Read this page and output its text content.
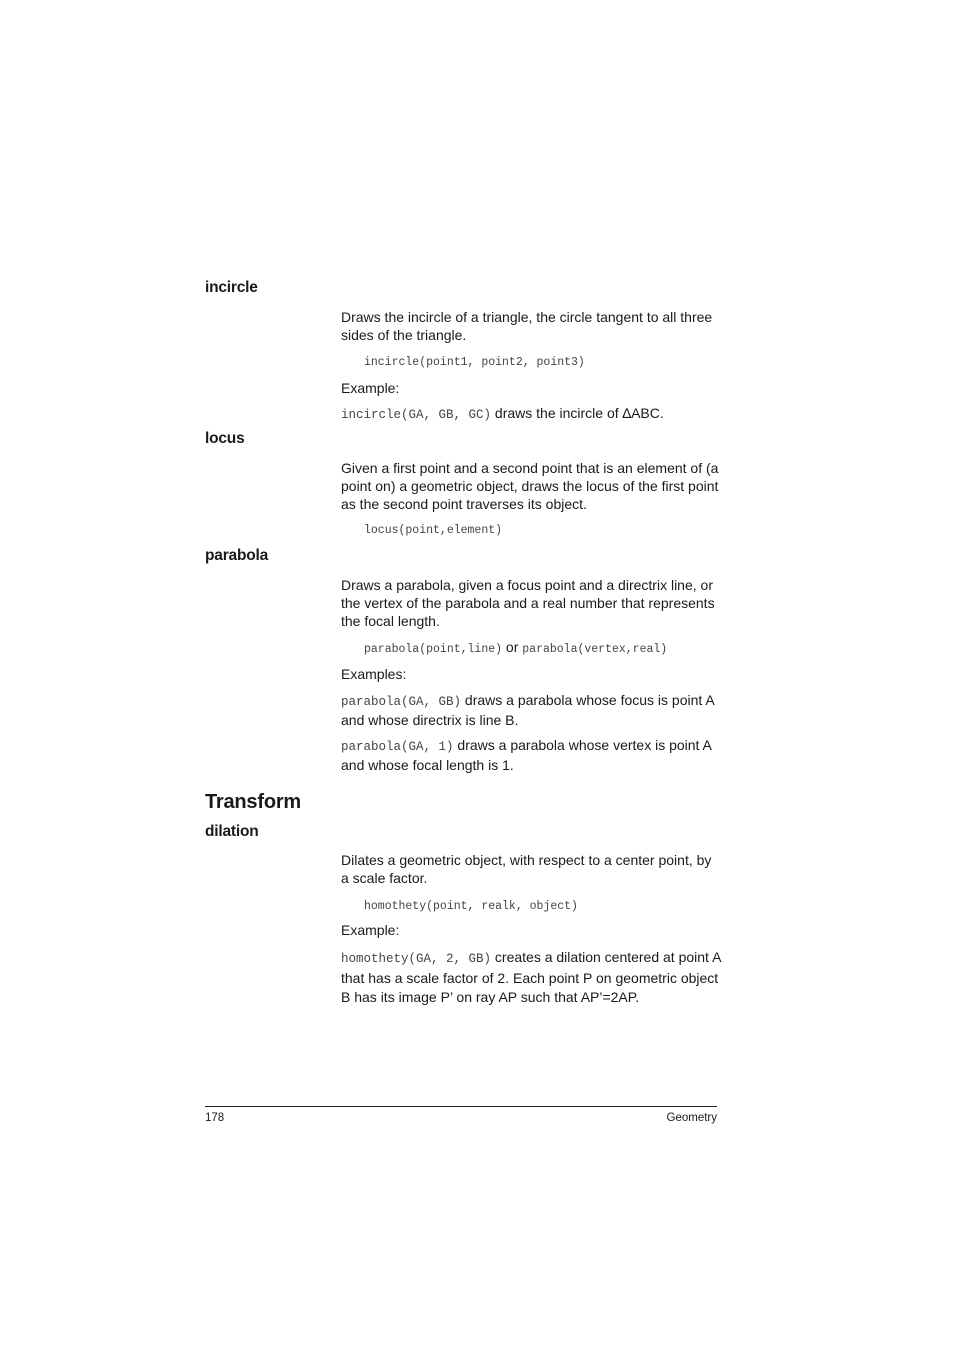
incircle
Draws the incircle of a triangle, the circle tangent to all three sides of the triangle.
incircle(point1, point2, point3)
Example:
incircle(GA, GB, GC) draws the incircle of ∆ABC.
locus
Given a first point and a second point that is an element of (a point on) a geometric object, draws the locus of the first point as the second point traverses its object.
locus(point,element)
parabola
Draws a parabola, given a focus point and a directrix line, or the vertex of the parabola and a real number that represents the focal length.
parabola(point,line) or parabola(vertex,real)
Examples:
parabola(GA, GB) draws a parabola whose focus is point A and whose directrix is line B.
parabola(GA, 1) draws a parabola whose vertex is point A and whose focal length is 1.
Transform
dilation
Dilates a geometric object, with respect to a center point, by a scale factor.
homothety(point, realk, object)
Example:
homothety(GA, 2, GB) creates a dilation centered at point A that has a scale factor of 2. Each point P on geometric object B has its image P’ on ray AP such that AP’=2AP.
178	Geometry
